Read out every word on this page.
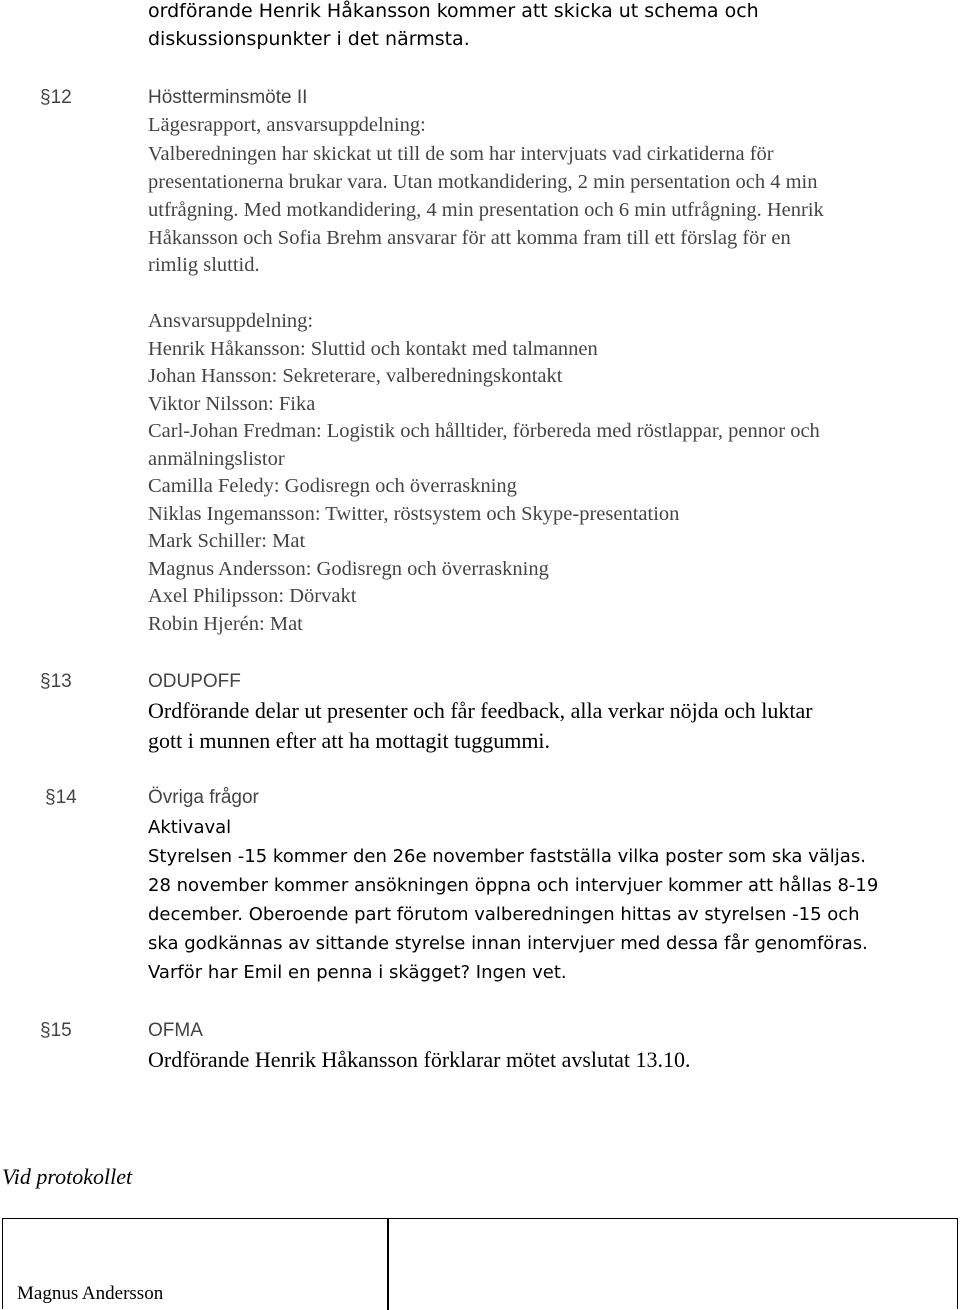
ordförande Henrik Håkansson kommer att skicka ut schema och
diskussionspunkter i det närmsta.
§12	Höstterminsmöte II
Lägesrapport, ansvarsuppdelning:
Valberedningen har skickat ut till de som har intervjuats vad cirkatiderna för
presentationerna brukar vara. Utan motkandidering, 2 min persentation och 4 min
utfrågning. Med motkandidering, 4 min presentation och 6 min utfrågning. Henrik
Håkansson och Sofia Brehm ansvarar för att komma fram till ett förslag för en
rimlig sluttid.
Ansvarsuppdelning:
Henrik Håkansson: Sluttid och kontakt med talmannen
Johan Hansson: Sekreterare, valberedningskontakt
Viktor Nilsson: Fika
Carl-Johan Fredman: Logistik och hålltider, förbereda med röstlappar, pennor och
anmälningslistor
Camilla Feledy: Godisregn och överraskning
Niklas Ingemansson: Twitter, röstsystem och Skype-presentation
Mark Schiller: Mat
Magnus Andersson: Godisregn och överraskning
Axel Philipsson: Dörvakt
Robin Hjerén: Mat
§13	ODUPOFF
Ordförande delar ut presenter och får feedback, alla verkar nöjda och luktar
gott i munnen efter att ha mottagit tuggummi.
§14	Övriga frågor
Aktivaval
Styrelsen -15 kommer den 26e november fastställa vilka poster som ska väljas.
28 november kommer ansökningen öppna och intervjuer kommer att hållas 8-19
december. Oberoende part förutom valberedningen hittas av styrelsen -15 och
ska godkännas av sittande styrelse innan intervjuer med dessa får genomföras.
Varför har Emil en penna i skägget? Ingen vet.
§15	OFMA
Ordförande Henrik Håkansson förklarar mötet avslutat 13.10.
Vid protokollet
Magnus Andersson
